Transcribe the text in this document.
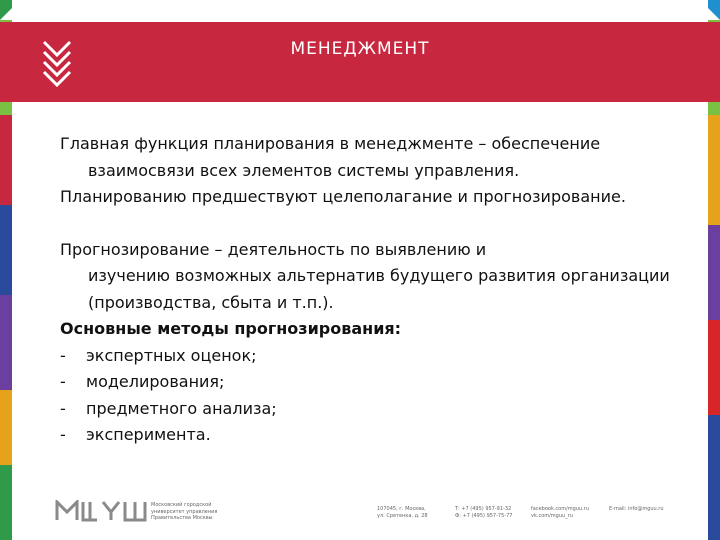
МЕНЕДЖМЕНТ

Главная функция планирования в менеджменте – обеспечение

взаимосвязи всех элементов системы управления.

Планированию предшествуют целеполагание и прогнозирование.

Прогнозирование – деятельность по выявлению и

изучению возможных альтернатив будущего развития организации

(производства, сбыта и т.п.).

Основные методы прогнозирования:

-	экспертных оценок;
-	моделирования;
-	предметного анализа;
-	эксперимента.
Московский городской
университет управления
Правительства Москвы
107045, г. Москва,
ул. Сретенка, д. 28
Т: +7 (495) 957-91-32
Ф: +7 (495) 957-75-77
facebook.com/mguu.ru
vk.com/mguu_ru
E-mail: info@mguu.ru
